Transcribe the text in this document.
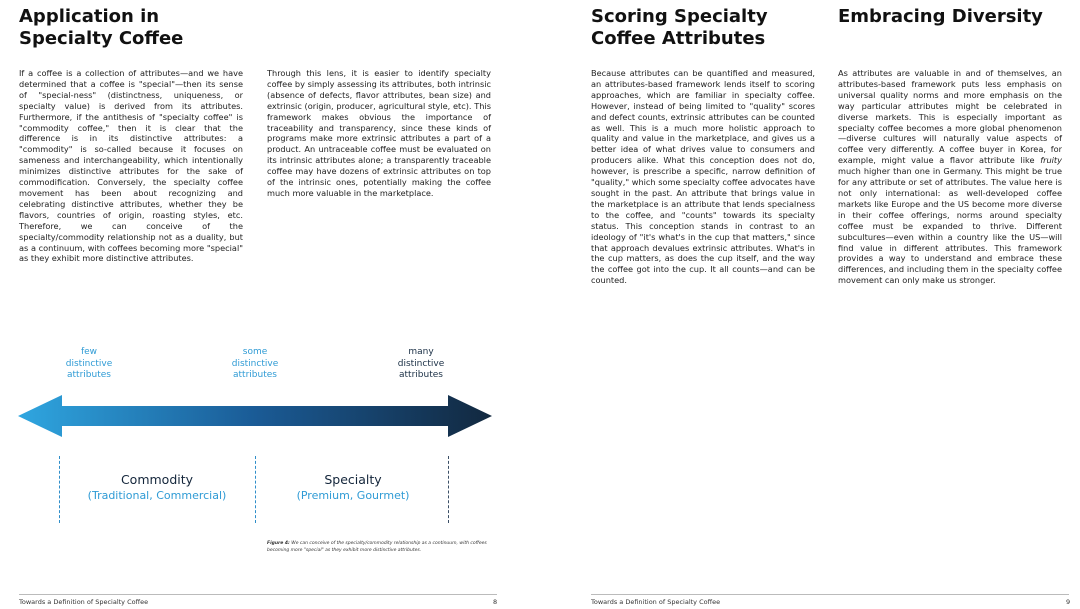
Application in
Specialty Coffee

If a coffee is a collection of attributes—and we have determined that a coffee is "special"—then its sense of "special-ness" (distinctness, uniqueness, or specialty value) is derived from its attributes. Furthermore, if the antithesis of "specialty coffee" is "commodity coffee," then it is clear that the difference is in its distinctive attributes: a "commodity" is so-called because it focuses on sameness and interchangeability, which intentionally minimizes distinctive attributes for the sake of commodification. Conversely, the specialty coffee movement has been about recognizing and celebrating distinctive attributes, whether they be flavors, countries of origin, roasting styles, etc. Therefore, we can conceive of the specialty/commodity relationship not as a duality, but as a continuum, with coffees becoming more "special" as they exhibit more distinctive attributes.

Through this lens, it is easier to identify specialty coffee by simply assessing its attributes, both intrinsic (absence of defects, flavor attributes, bean size) and extrinsic (origin, producer, agricultural style, etc). This framework makes obvious the importance of traceability and transparency, since these kinds of programs make more extrinsic attributes a part of a product. An untraceable coffee must be evaluated on its intrinsic attributes alone; a transparently traceable coffee may have dozens of extrinsic attributes on top of the intrinsic ones, potentially making the coffee much more valuable in the marketplace.

few
distinctive
attributes
some
distinctive
attributes
many
distinctive
attributes
Commodity
(Traditional, Commercial)
Specialty
(Premium, Gourmet)
Figure 4: We can conceive of the specialty/commodity relationship as a continuum, with coffees becoming more "special" as they exhibit more distinctive attributes.
Towards a Definition of Specialty Coffee	8
Scoring Specialty
Coffee Attributes
Embracing Diversity

Because attributes can be quantified and measured, an attributes-based framework lends itself to scoring approaches, which are familiar in specialty coffee. However, instead of being limited to "quality" scores and defect counts, extrinsic attributes can be counted as well. This is a much more holistic approach to quality and value in the marketplace, and gives us a better idea of what drives value to consumers and producers alike. What this conception does not do, however, is prescribe a specific, narrow definition of "quality," which some specialty coffee advocates have sought in the past. An attribute that brings value in the marketplace is an attribute that lends specialness to the coffee, and "counts" towards its specialty status. This conception stands in contrast to an ideology of "it's what's in the cup that matters," since that approach devalues extrinsic attributes. What's in the cup matters, as does the cup itself, and the way the coffee got into the cup. It all counts—and can be counted.

As attributes are valuable in and of themselves, an attributes-based framework puts less emphasis on universal quality norms and more emphasis on the way particular attributes might be celebrated in diverse markets. This is especially important as specialty coffee becomes a more global phenomenon—diverse cultures will naturally value aspects of coffee very differently. A coffee buyer in Korea, for example, might value a flavor attribute like fruity much higher than one in Germany. This might be true for any attribute or set of attributes. The value here is not only international: as well-developed coffee markets like Europe and the US become more diverse in their coffee offerings, norms around specialty coffee must be expanded to thrive. Different subcultures—even within a country like the US—will find value in different attributes. This framework provides a way to understand and embrace these differences, and including them in the specialty coffee movement can only make us stronger.

Towards a Definition of Specialty Coffee	9
